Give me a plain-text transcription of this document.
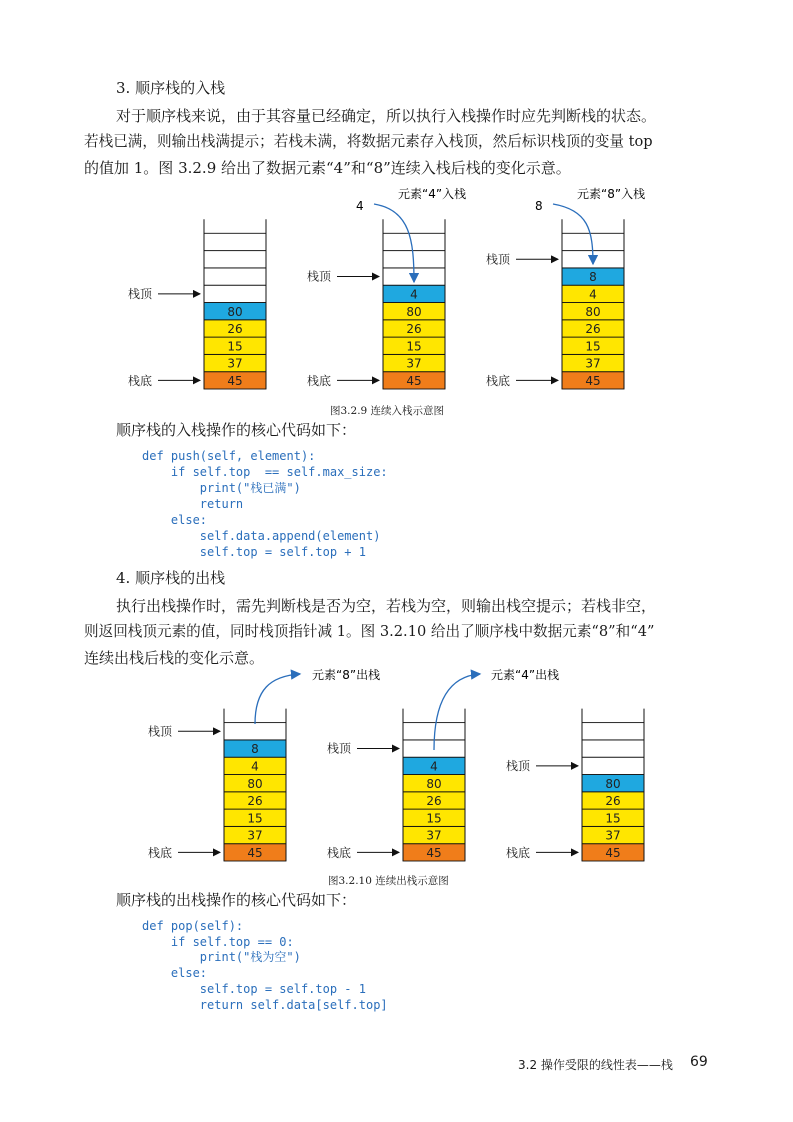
3. 顺序栈的入栈
对于顺序栈来说，由于其容量已经确定，所以执行入栈操作时应先判断栈的状态。
若栈已满，则输出栈满提示；若栈未满，将数据元素存入栈顶，然后标识栈顶的变量 top
的值加 1。图 3.2.9 给出了数据元素“4”和“8”连续入栈后栈的变化示意。
45
37
15
26
80
栈底
栈顶
45
37
15
26
80
4
栈底
栈顶
45
37
15
26
80
4
8
栈底
栈顶
4	8
元素“4”入栈	元素“8”入栈
图3.2.9 连续入栈示意图
顺序栈的入栈操作的核心代码如下：
def push(self, element):
if self.top  == self.max_size:
print("栈已满")
return
else:
self.data.append(element)
self.top = self.top + 1
4. 顺序栈的出栈
执行出栈操作时，需先判断栈是否为空，若栈为空，则输出栈空提示；若栈非空，
则返回栈顶元素的值，同时栈顶指针减 1。图 3.2.10 给出了顺序栈中数据元素“8”和“4”
连续出栈后栈的变化示意。
45
37
15
26
80
4
8
栈底
栈顶
45
37
15
26
80
4
栈底
栈顶
45
37
15
26
80
栈底
栈顶
元素“8”出栈	元素“4”出栈
图3.2.10 连续出栈示意图
顺序栈的出栈操作的核心代码如下：
def pop(self):
if self.top == 0:
print("栈为空")
else:
self.top = self.top - 1
return self.data[self.top]
3.2 操作受限的线性表——栈 69
